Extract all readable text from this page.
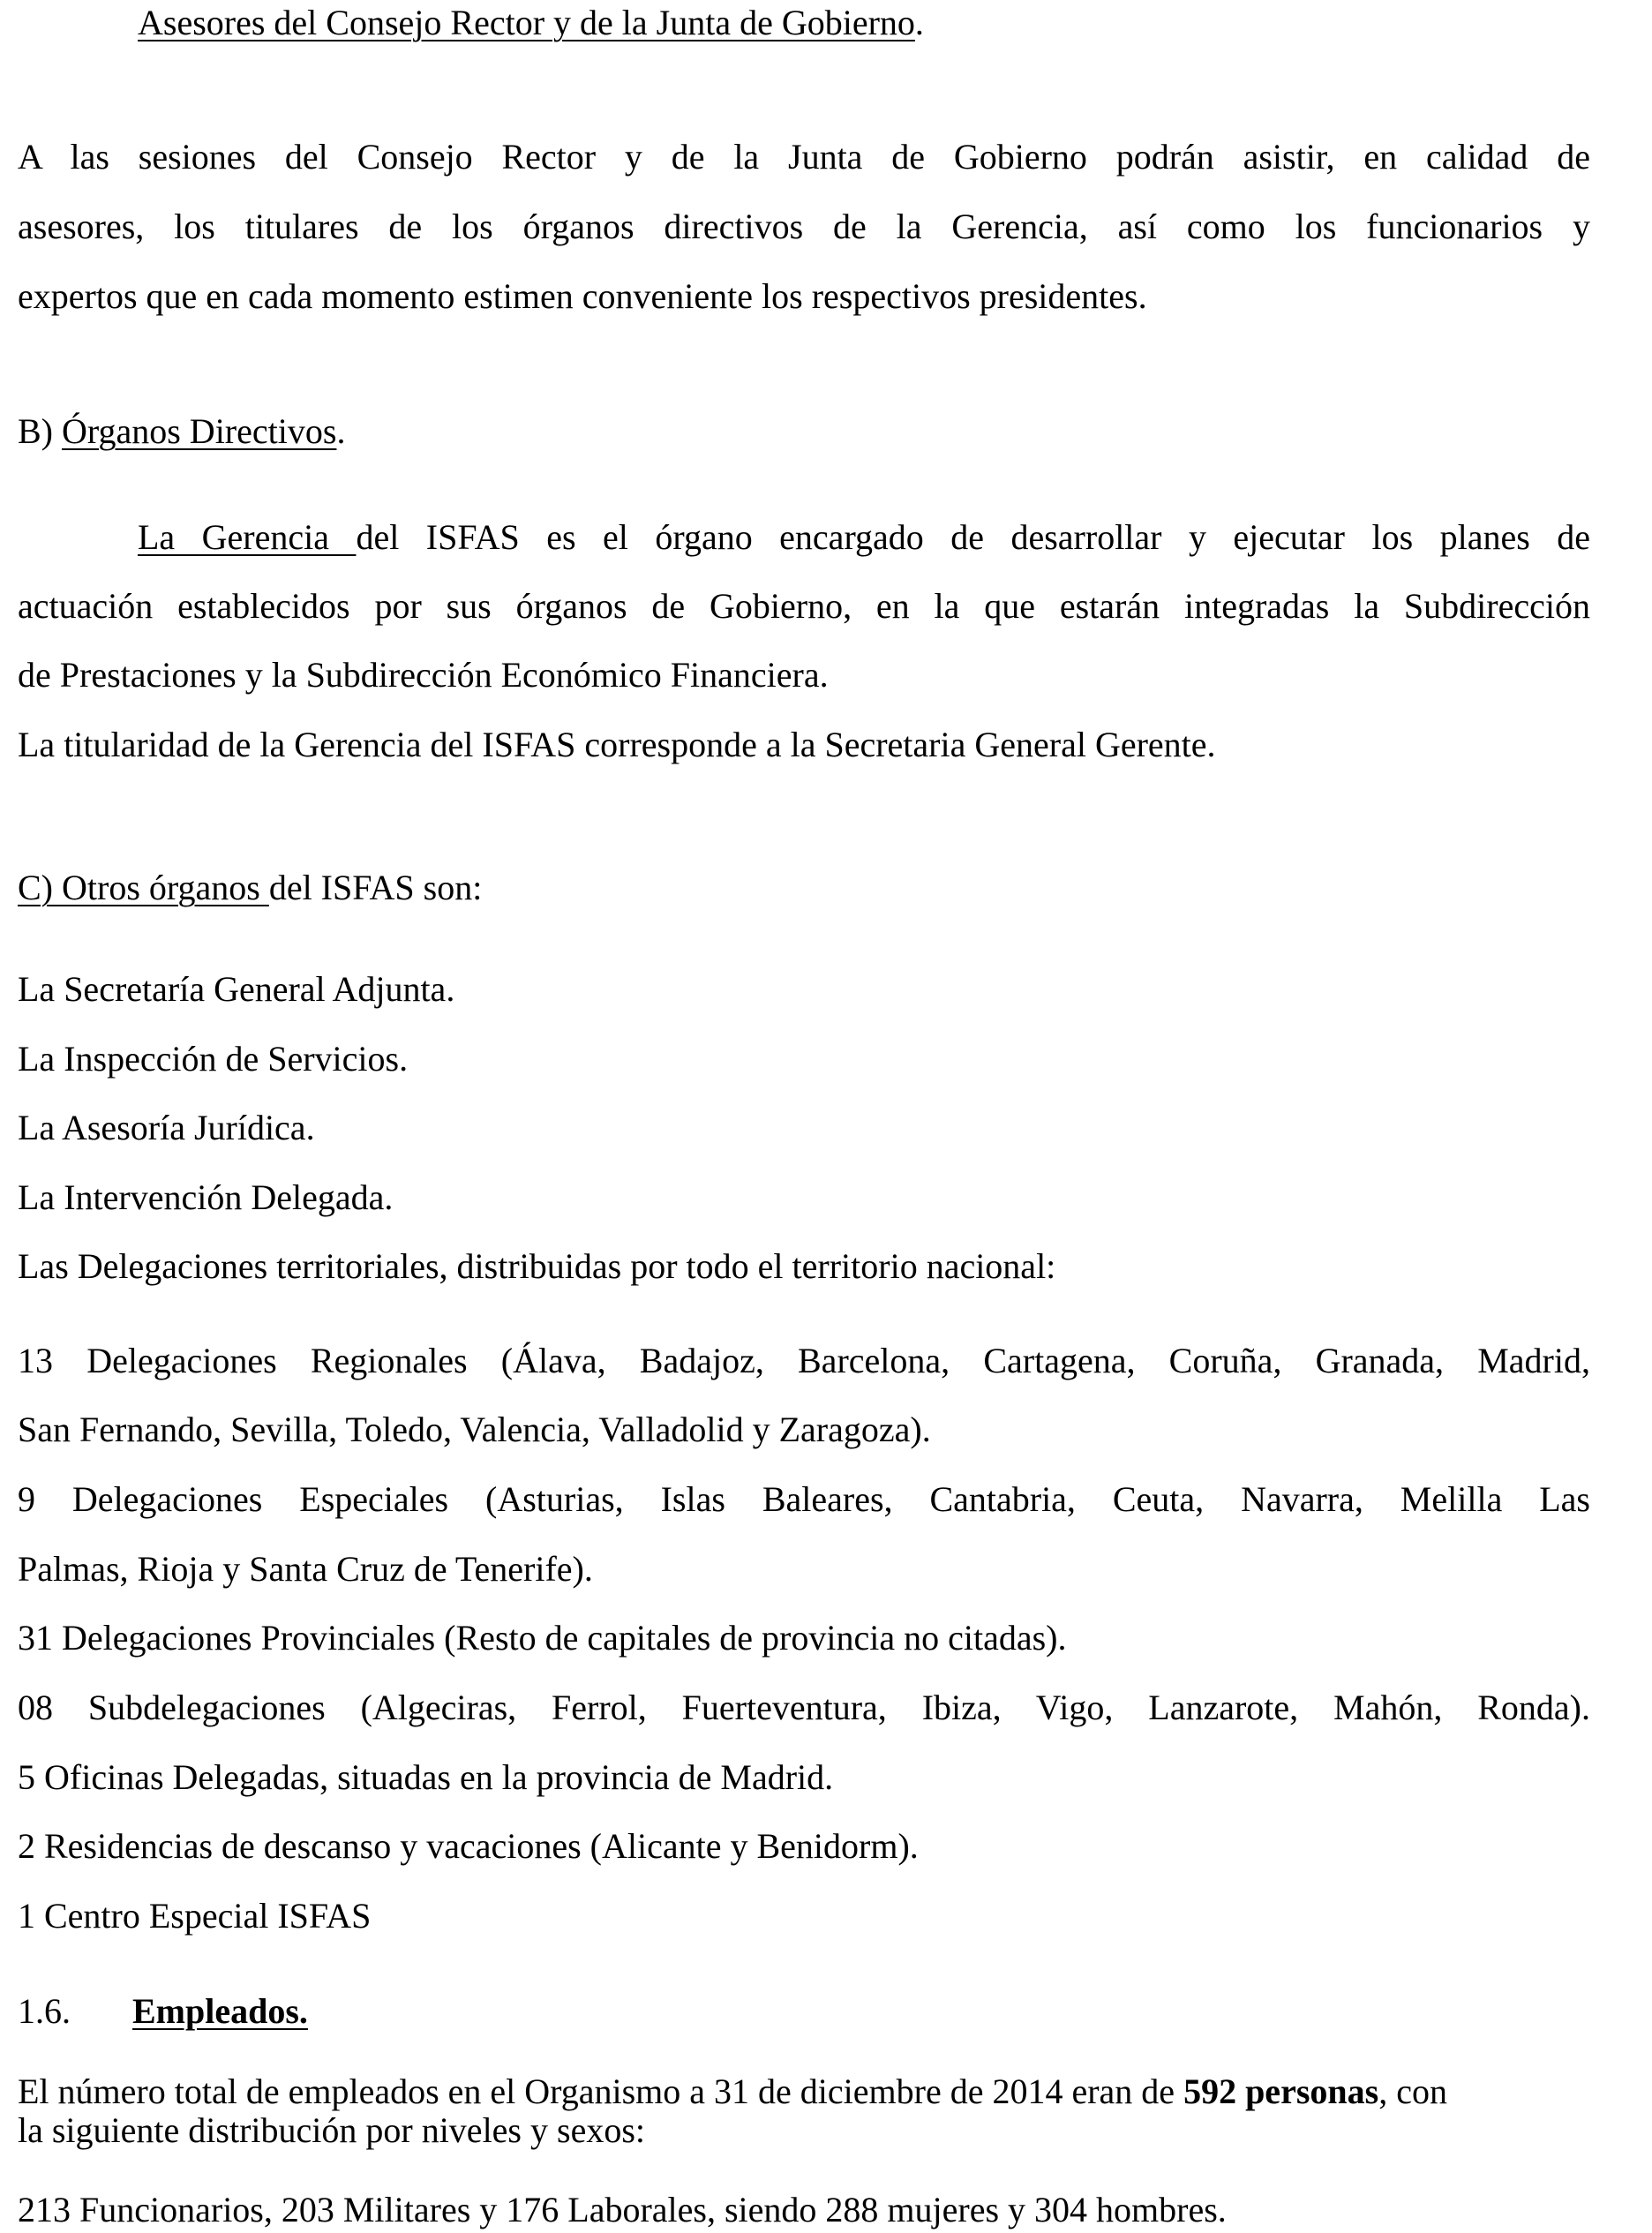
Asesores del Consejo Rector y de la Junta de Gobierno.
A las sesiones del Consejo Rector y de la Junta de Gobierno podrán asistir, en calidad de
asesores, los titulares de los órganos directivos de la Gerencia, así como los funcionarios y
expertos que en cada momento estimen conveniente los respectivos presidentes.
B) Órganos Directivos.
La Gerencia del ISFAS es el órgano encargado de desarrollar y ejecutar los planes de
actuación establecidos por sus órganos de Gobierno, en la que estarán integradas la Subdirección
de Prestaciones y la Subdirección Económico Financiera.
La titularidad de la Gerencia del ISFAS corresponde a la Secretaria General Gerente.
C) Otros órganos del ISFAS son:
La Secretaría General Adjunta.
La Inspección de Servicios.
La Asesoría Jurídica.
La Intervención Delegada.
Las Delegaciones territoriales, distribuidas por todo el territorio nacional:
13 Delegaciones Regionales (Álava, Badajoz, Barcelona, Cartagena, Coruña, Granada, Madrid,
San Fernando, Sevilla, Toledo, Valencia, Valladolid y Zaragoza).
9 Delegaciones Especiales (Asturias, Islas Baleares, Cantabria, Ceuta, Navarra, Melilla Las
Palmas, Rioja y Santa Cruz de Tenerife).
31 Delegaciones Provinciales (Resto de capitales de provincia no citadas).
08 Subdelegaciones (Algeciras, Ferrol, Fuerteventura, Ibiza, Vigo, Lanzarote, Mahón, Ronda).
5 Oficinas Delegadas, situadas en la provincia de Madrid.
2 Residencias de descanso y vacaciones (Alicante y Benidorm).
1 Centro Especial ISFAS
1.6. Empleados.
El número total de empleados en el Organismo a 31 de diciembre de 2014 eran de 592 personas, con
la siguiente distribución por niveles y sexos:
213 Funcionarios, 203 Militares y 176 Laborales, siendo 288 mujeres y 304 hombres.
